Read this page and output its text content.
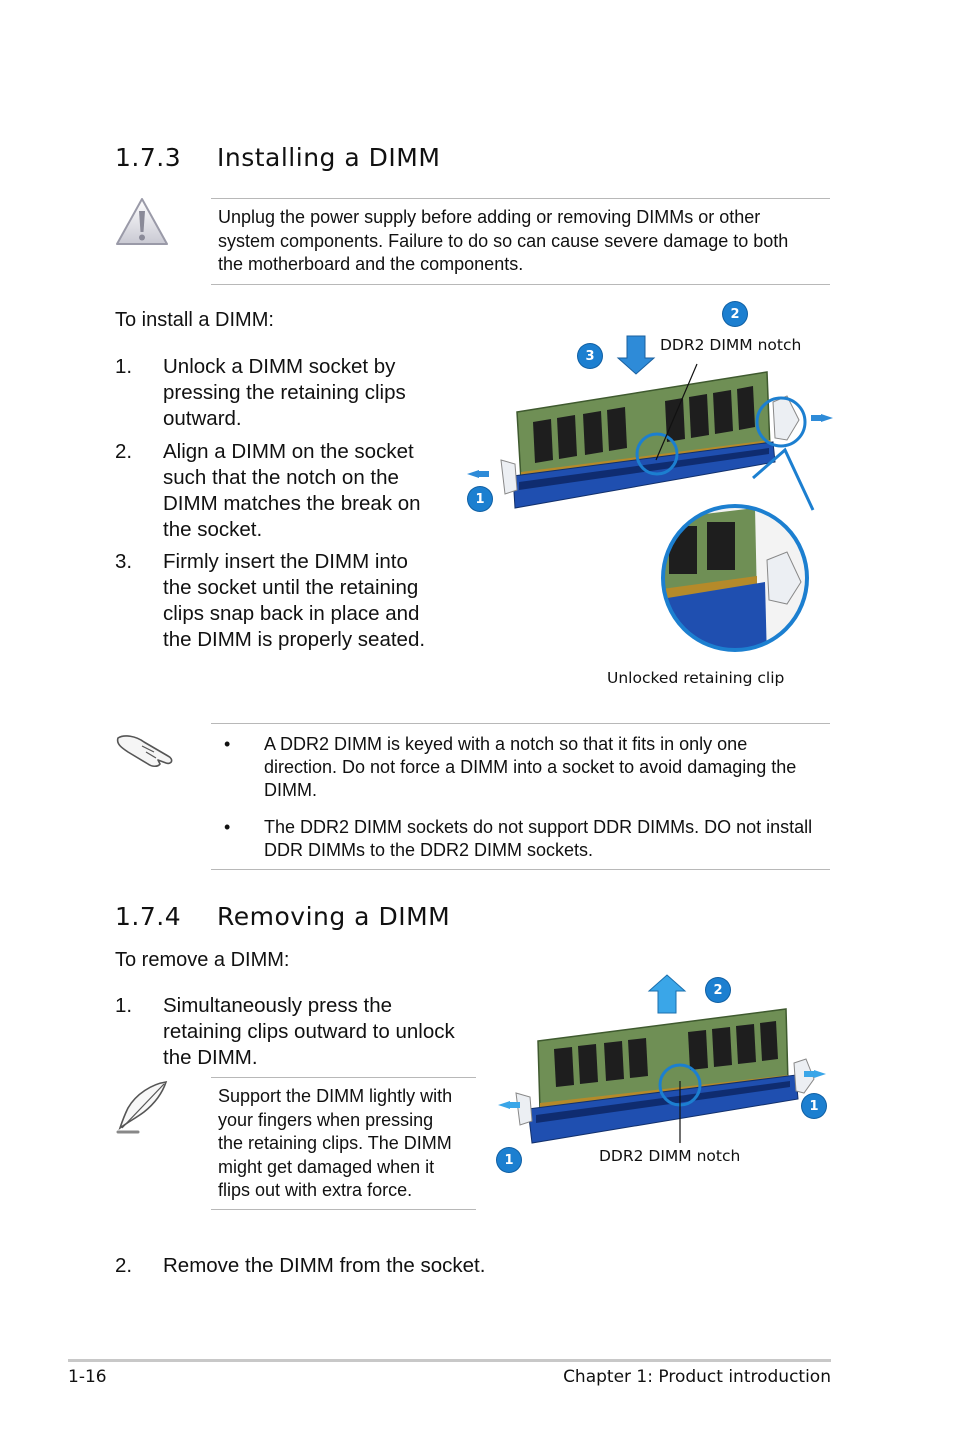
1.7.3 Installing a DIMM
Unplug the power supply before adding or removing DIMMs or other
system components. Failure to do so can cause severe damage to both
the motherboard and the components.
To install a DIMM:
1. Unlock a DIMM socket by
pressing the retaining clips
outward.
2. Align a DIMM on the socket
such that the notch on the
DIMM matches the break on
the socket.
3. Firmly insert the DIMM into
the socket until the retaining
clips snap back in place and
the DIMM is properly seated.
2
3
1
DDR2 DIMM notch
Unlocked retaining clip
• A DDR2 DIMM is keyed with a notch so that it fits in only one
direction. Do not force a DIMM into a socket to avoid damaging the
DIMM.
• The DDR2 DIMM sockets do not support DDR DIMMs. DO not install
DDR DIMMs to the DDR2 DIMM sockets.
1.7.4 Removing a DIMM
To remove a DIMM:
1. Simultaneously press the
retaining clips outward to unlock
the DIMM.
Support the DIMM lightly with
your fingers when pressing
the retaining clips. The DIMM
might get damaged when it
flips out with extra force.
2
1
1	DDR2 DIMM notch
2. Remove the DIMM from the socket.
1-16	Chapter 1: Product introduction
